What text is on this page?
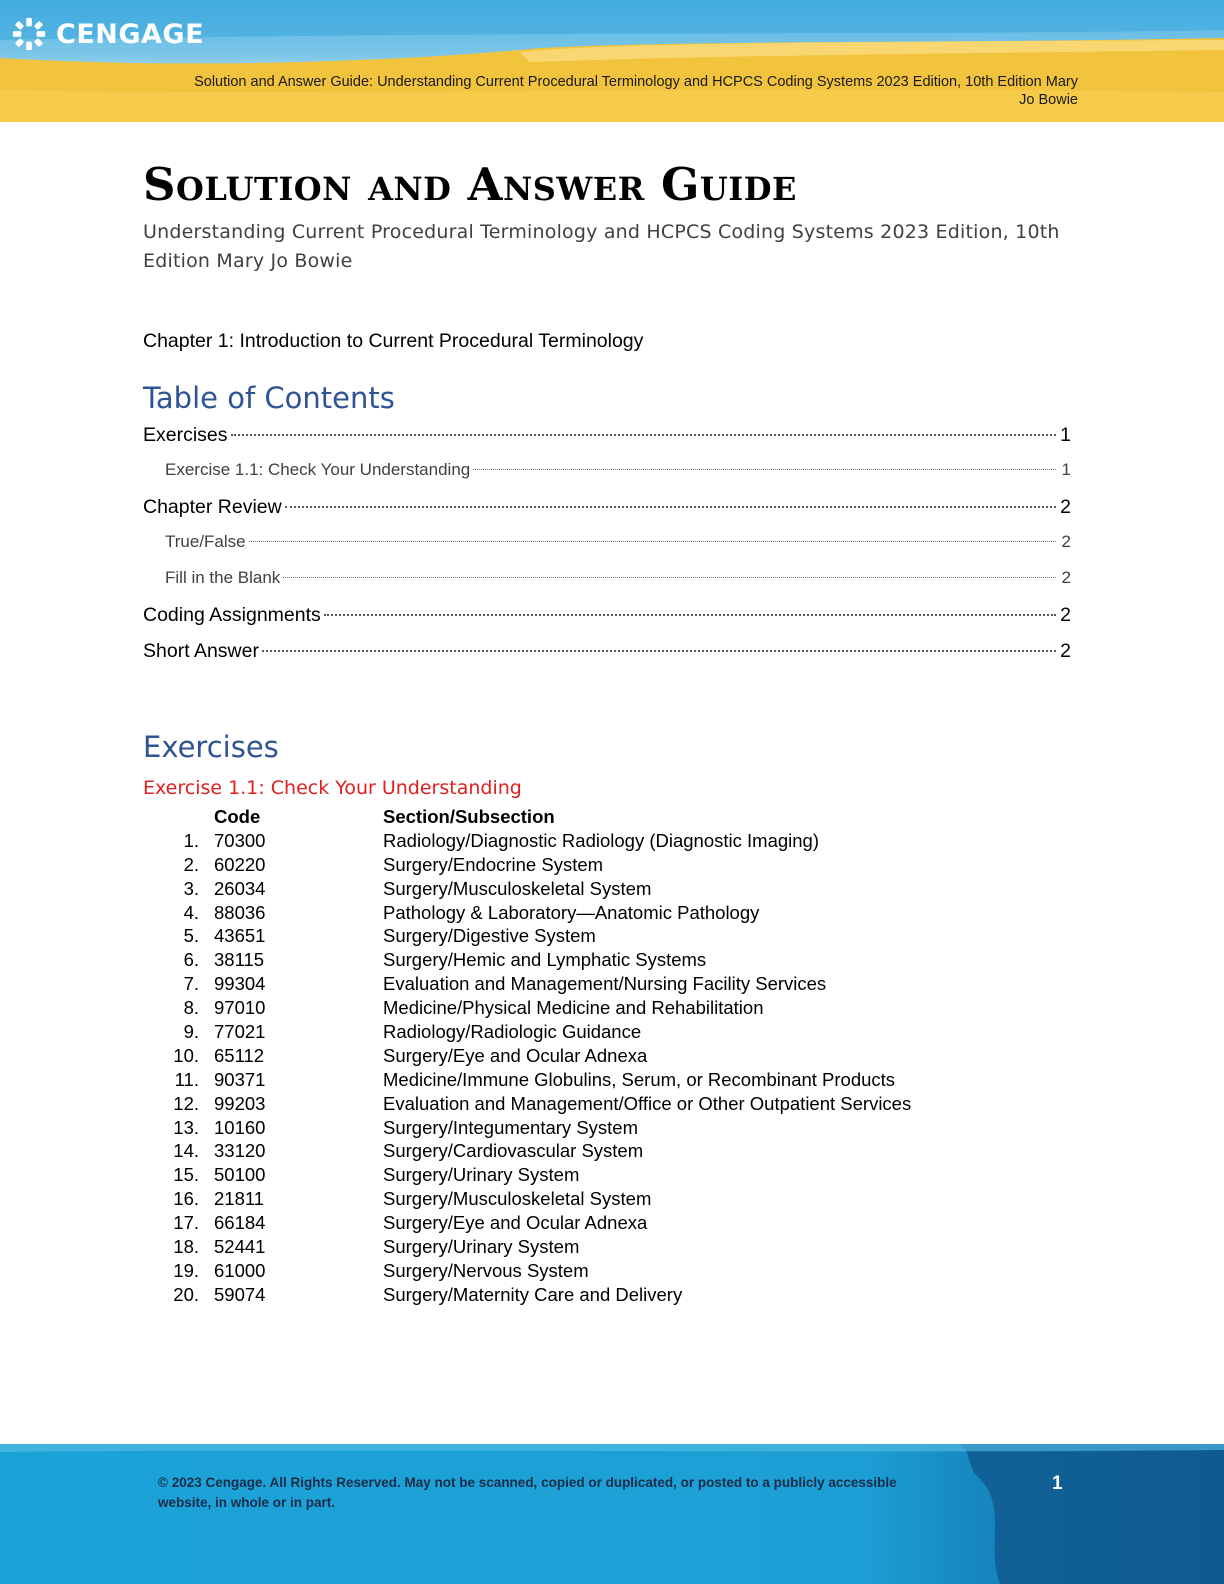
CENGAGE
Solution and Answer Guide: Understanding Current Procedural Terminology and HCPCS Coding Systems 2023 Edition, 10th Edition Mary Jo Bowie
Solution and Answer Guide

Understanding Current Procedural Terminology and HCPCS Coding Systems 2023 Edition, 10th Edition Mary Jo Bowie

Chapter 1: Introduction to Current Procedural Terminology

Table of Contents
Exercises	1
Exercise 1.1: Check Your Understanding	1
Chapter Review	2
True/False	2
Fill in the Blank	2
Coding Assignments	2
Short Answer	2
Exercises
Exercise 1.1: Check Your Understanding
Code	Section/Subsection
1. 70300	Radiology/Diagnostic Radiology (Diagnostic Imaging)
2. 60220	Surgery/Endocrine System
3. 26034	Surgery/Musculoskeletal System
4. 88036	Pathology & Laboratory—Anatomic Pathology
5. 43651	Surgery/Digestive System
6. 38115	Surgery/Hemic and Lymphatic Systems
7. 99304	Evaluation and Management/Nursing Facility Services
8. 97010	Medicine/Physical Medicine and Rehabilitation
9. 77021	Radiology/Radiologic Guidance
10. 65112	Surgery/Eye and Ocular Adnexa
11. 90371	Medicine/Immune Globulins, Serum, or Recombinant Products
12. 99203	Evaluation and Management/Office or Other Outpatient Services
13. 10160	Surgery/Integumentary System
14. 33120	Surgery/Cardiovascular System
15. 50100	Surgery/Urinary System
16. 21811	Surgery/Musculoskeletal System
17. 66184	Surgery/Eye and Ocular Adnexa
18. 52441	Surgery/Urinary System
19. 61000	Surgery/Nervous System
20. 59074	Surgery/Maternity Care and Delivery
© 2023 Cengage. All Rights Reserved. May not be scanned, copied or duplicated, or posted to a publicly accessible website, in whole or in part.
1
